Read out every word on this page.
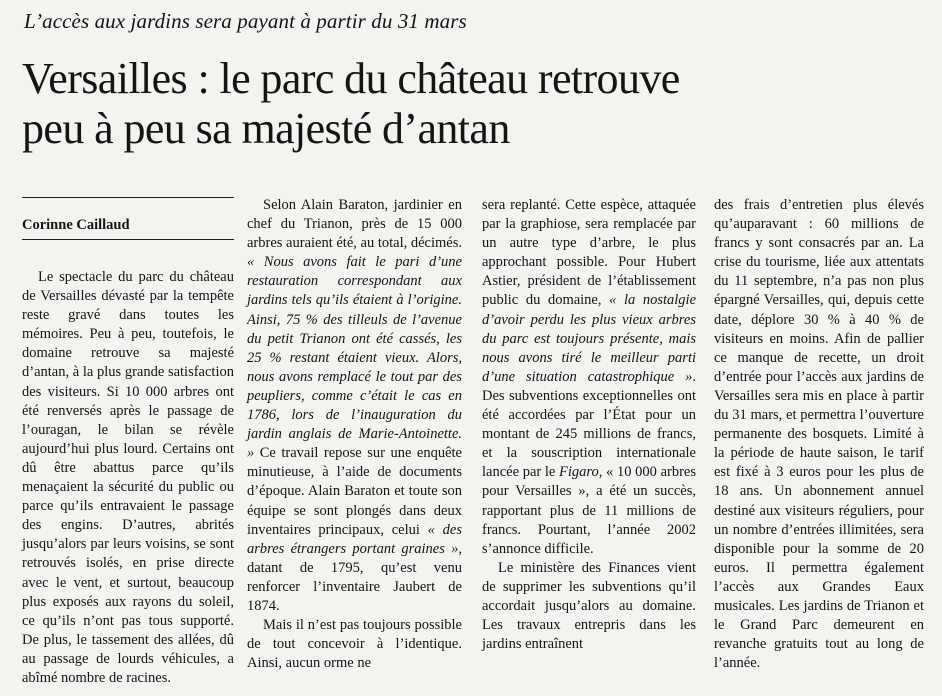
L’accès aux jardins sera payant à partir du 31 mars
Versailles : le parc du château retrouve
peu à peu sa majesté d’antan
Corinne Caillaud

Le spectacle du parc du château de Versailles dévasté par la tempête reste gravé dans toutes les mémoires. Peu à peu, toutefois, le domaine retrouve sa majesté d’antan, à la plus grande satisfaction des visiteurs. Si 10 000 arbres ont été renversés après le passage de l’ouragan, le bilan se révèle aujourd’hui plus lourd. Certains ont dû être abattus parce qu’ils menaçaient la sécurité du public ou parce qu’ils entravaient le passage des engins. D’autres, abrités jusqu’alors par leurs voisins, se sont retrouvés isolés, en prise directe avec le vent, et surtout, beaucoup plus exposés aux rayons du soleil, ce qu’ils n’ont pas tous supporté. De plus, le tassement des allées, dû au passage de lourds véhicules, a abîmé nombre de racines.

Selon Alain Baraton, jardinier en chef du Trianon, près de 15 000 arbres auraient été, au total, décimés. « Nous avons fait le pari d’une restauration correspondant aux jardins tels qu’ils étaient à l’origine. Ainsi, 75 % des tilleuls de l’avenue du petit Trianon ont été cassés, les 25 % restant étaient vieux. Alors, nous avons remplacé le tout par des peupliers, comme c’était le cas en 1786, lors de l’inauguration du jardin anglais de Marie-Antoinette. » Ce travail repose sur une enquête minutieuse, à l’aide de documents d’époque. Alain Baraton et toute son équipe se sont plongés dans deux inventaires principaux, celui « des arbres étrangers portant graines », datant de 1795, qu’est venu renforcer l’inventaire Jaubert de 1874.

Mais il n’est pas toujours possible de tout concevoir à l’identique. Ainsi, aucun orme ne

sera replanté. Cette espèce, attaquée par la graphiose, sera remplacée par un autre type d’arbre, le plus approchant possible. Pour Hubert Astier, président de l’établissement public du domaine, « la nostalgie d’avoir perdu les plus vieux arbres du parc est toujours présente, mais nous avons tiré le meilleur parti d’une situation catastrophique ». Des subventions exceptionnelles ont été accordées par l’État pour un montant de 245 millions de francs, et la souscription internationale lancée par le Figaro, « 10 000 arbres pour Versailles », a été un succès, rapportant plus de 11 millions de francs. Pourtant, l’année 2002 s’annonce difficile.

Le ministère des Finances vient de supprimer les subventions qu’il accordait jusqu’alors au domaine. Les travaux entrepris dans les jardins entraînent

des frais d’entretien plus élevés qu’auparavant : 60 millions de francs y sont consacrés par an. La crise du tourisme, liée aux attentats du 11 septembre, n’a pas non plus épargné Versailles, qui, depuis cette date, déplore 30 % à 40 % de visiteurs en moins. Afin de pallier ce manque de recette, un droit d’entrée pour l’accès aux jardins de Versailles sera mis en place à partir du 31 mars, et permettra l’ouverture permanente des bosquets. Limité à la période de haute saison, le tarif est fixé à 3 euros pour les plus de 18 ans. Un abonnement annuel destiné aux visiteurs réguliers, pour un nombre d’entrées illimitées, sera disponible pour la somme de 20 euros. Il permettra également l’accès aux Grandes Eaux musicales. Les jardins de Trianon et le Grand Parc demeurent en revanche gratuits tout au long de l’année.
